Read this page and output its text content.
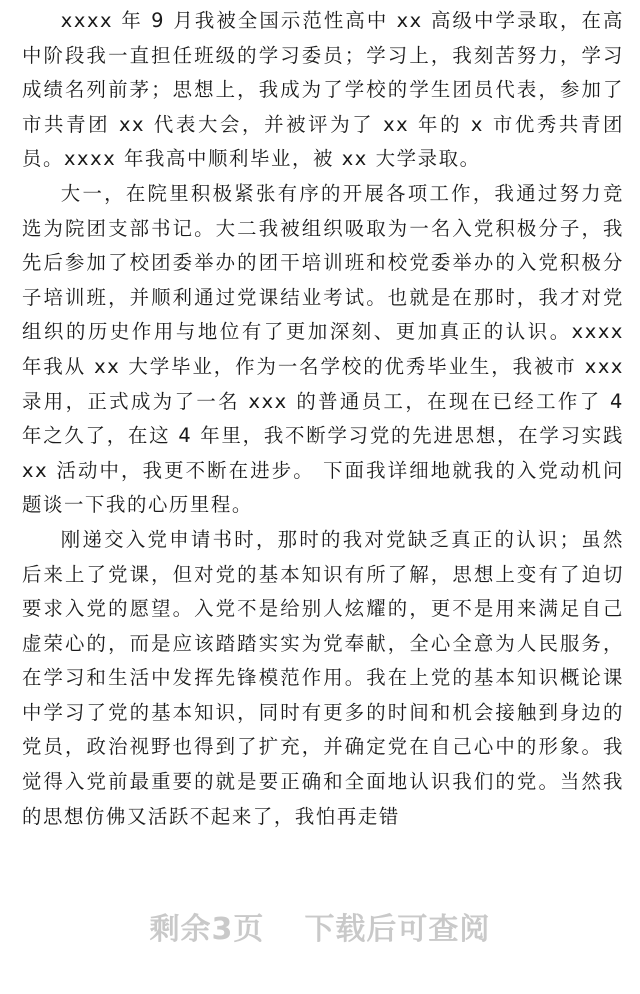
xxxx 年 9 月我被全国示范性高中 xx 高级中学录取，在高中阶段我一直担任班级的学习委员；学习上，我刻苦努力，学习成绩名列前茅；思想上，我成为了学校的学生团员代表，参加了市共青团 xx 代表大会，并被评为了 xx 年的 x 市优秀共青团员。xxxx 年我高中顺利毕业，被 xx 大学录取。

大一，在院里积极紧张有序的开展各项工作，我通过努力竞选为院团支部书记。大二我被组织吸取为一名入党积极分子，我先后参加了校团委举办的团干培训班和校党委举办的入党积极分子培训班，并顺利通过党课结业考试。也就是在那时，我才对党组织的历史作用与地位有了更加深刻、更加真正的认识。xxxx 年我从 xx 大学毕业，作为一名学校的优秀毕业生，我被市 xxx 录用，正式成为了一名 xxx 的普通员工，在现在已经工作了 4 年之久了，在这 4 年里，我不断学习党的先进思想，在学习实践 xx 活动中，我更不断在进步。 下面我详细地就我的入党动机问题谈一下我的心历里程。

刚递交入党申请书时，那时的我对党缺乏真正的认识；虽然后来上了党课，但对党的基本知识有所了解，思想上变有了迫切要求入党的愿望。入党不是给别人炫耀的，更不是用来满足自己虚荣心的，而是应该踏踏实实为党奉献，全心全意为人民服务，在学习和生活中发挥先锋模范作用。我在上党的基本知识概论课中学习了党的基本知识，同时有更多的时间和机会接触到身边的党员，政治视野也得到了扩充，并确定党在自己心中的形象。我觉得入党前最重要的就是要正确和全面地认识我们的党。当然我的思想仿佛又活跃不起来了，我怕再走错

剩余3页 下载后可查阅
